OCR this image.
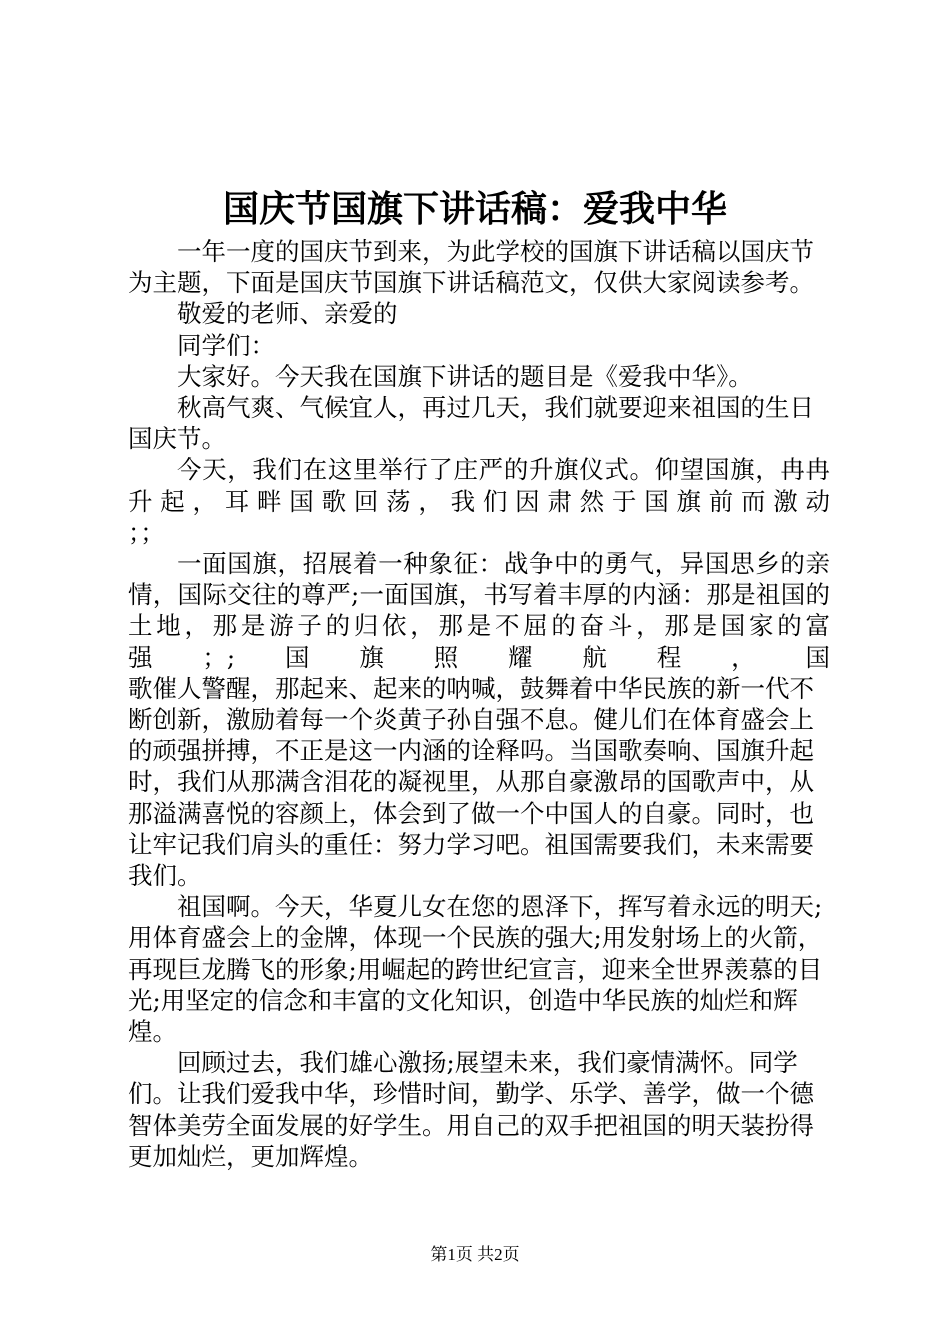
国庆节国旗下讲话稿：爱我中华

一年一度的国庆节到来，为此学校的国旗下讲话稿以国庆节为主题，下面是国庆节国旗下讲话稿范文，仅供大家阅读参考。

敬爱的老师、亲爱的

同学们：

大家好。今天我在国旗下讲话的题目是《爱我中华》。

秋高气爽、气候宜人，再过几天，我们就要迎来祖国的生日国庆节。

今天，我们在这里举行了庄严的升旗仪式。仰望国旗，冉冉升起，耳畔国歌回荡，我们因肃然于国旗前而激动

；；

一面国旗，招展着一种象征：战争中的勇气，异国思乡的亲情，国际交往的尊严;一面国旗，书写着丰厚的内涵：那是祖国的土地，那是游子的归依，那是不屈的奋斗，那是国家的富

强；;国旗照耀航程，国

歌催人警醒，那起来、起来的呐喊，鼓舞着中华民族的新一代不断创新，激励着每一个炎黄子孙自强不息。健儿们在体育盛会上的顽强拼搏，不正是这一内涵的诠释吗。当国歌奏响、国旗升起时，我们从那满含泪花的凝视里，从那自豪激昂的国歌声中，从那溢满喜悦的容颜上，体会到了做一个中国人的自豪。同时，也让牢记我们肩头的重任：努力学习吧。祖国需要我们，未来需要我们。

祖国啊。今天，华夏儿女在您的恩泽下，挥写着永远的明天;用体育盛会上的金牌，体现一个民族的强大;用发射场上的火箭，再现巨龙腾飞的形象;用崛起的跨世纪宣言，迎来全世界羡慕的目光;用坚定的信念和丰富的文化知识，创造中华民族的灿烂和辉煌。

回顾过去，我们雄心激扬;展望未来，我们豪情满怀。同学们。让我们爱我中华，珍惜时间，勤学、乐学、善学，做一个德智体美劳全面发展的好学生。用自己的双手把祖国的明天装扮得更加灿烂，更加辉煌。

第1页 共2页
